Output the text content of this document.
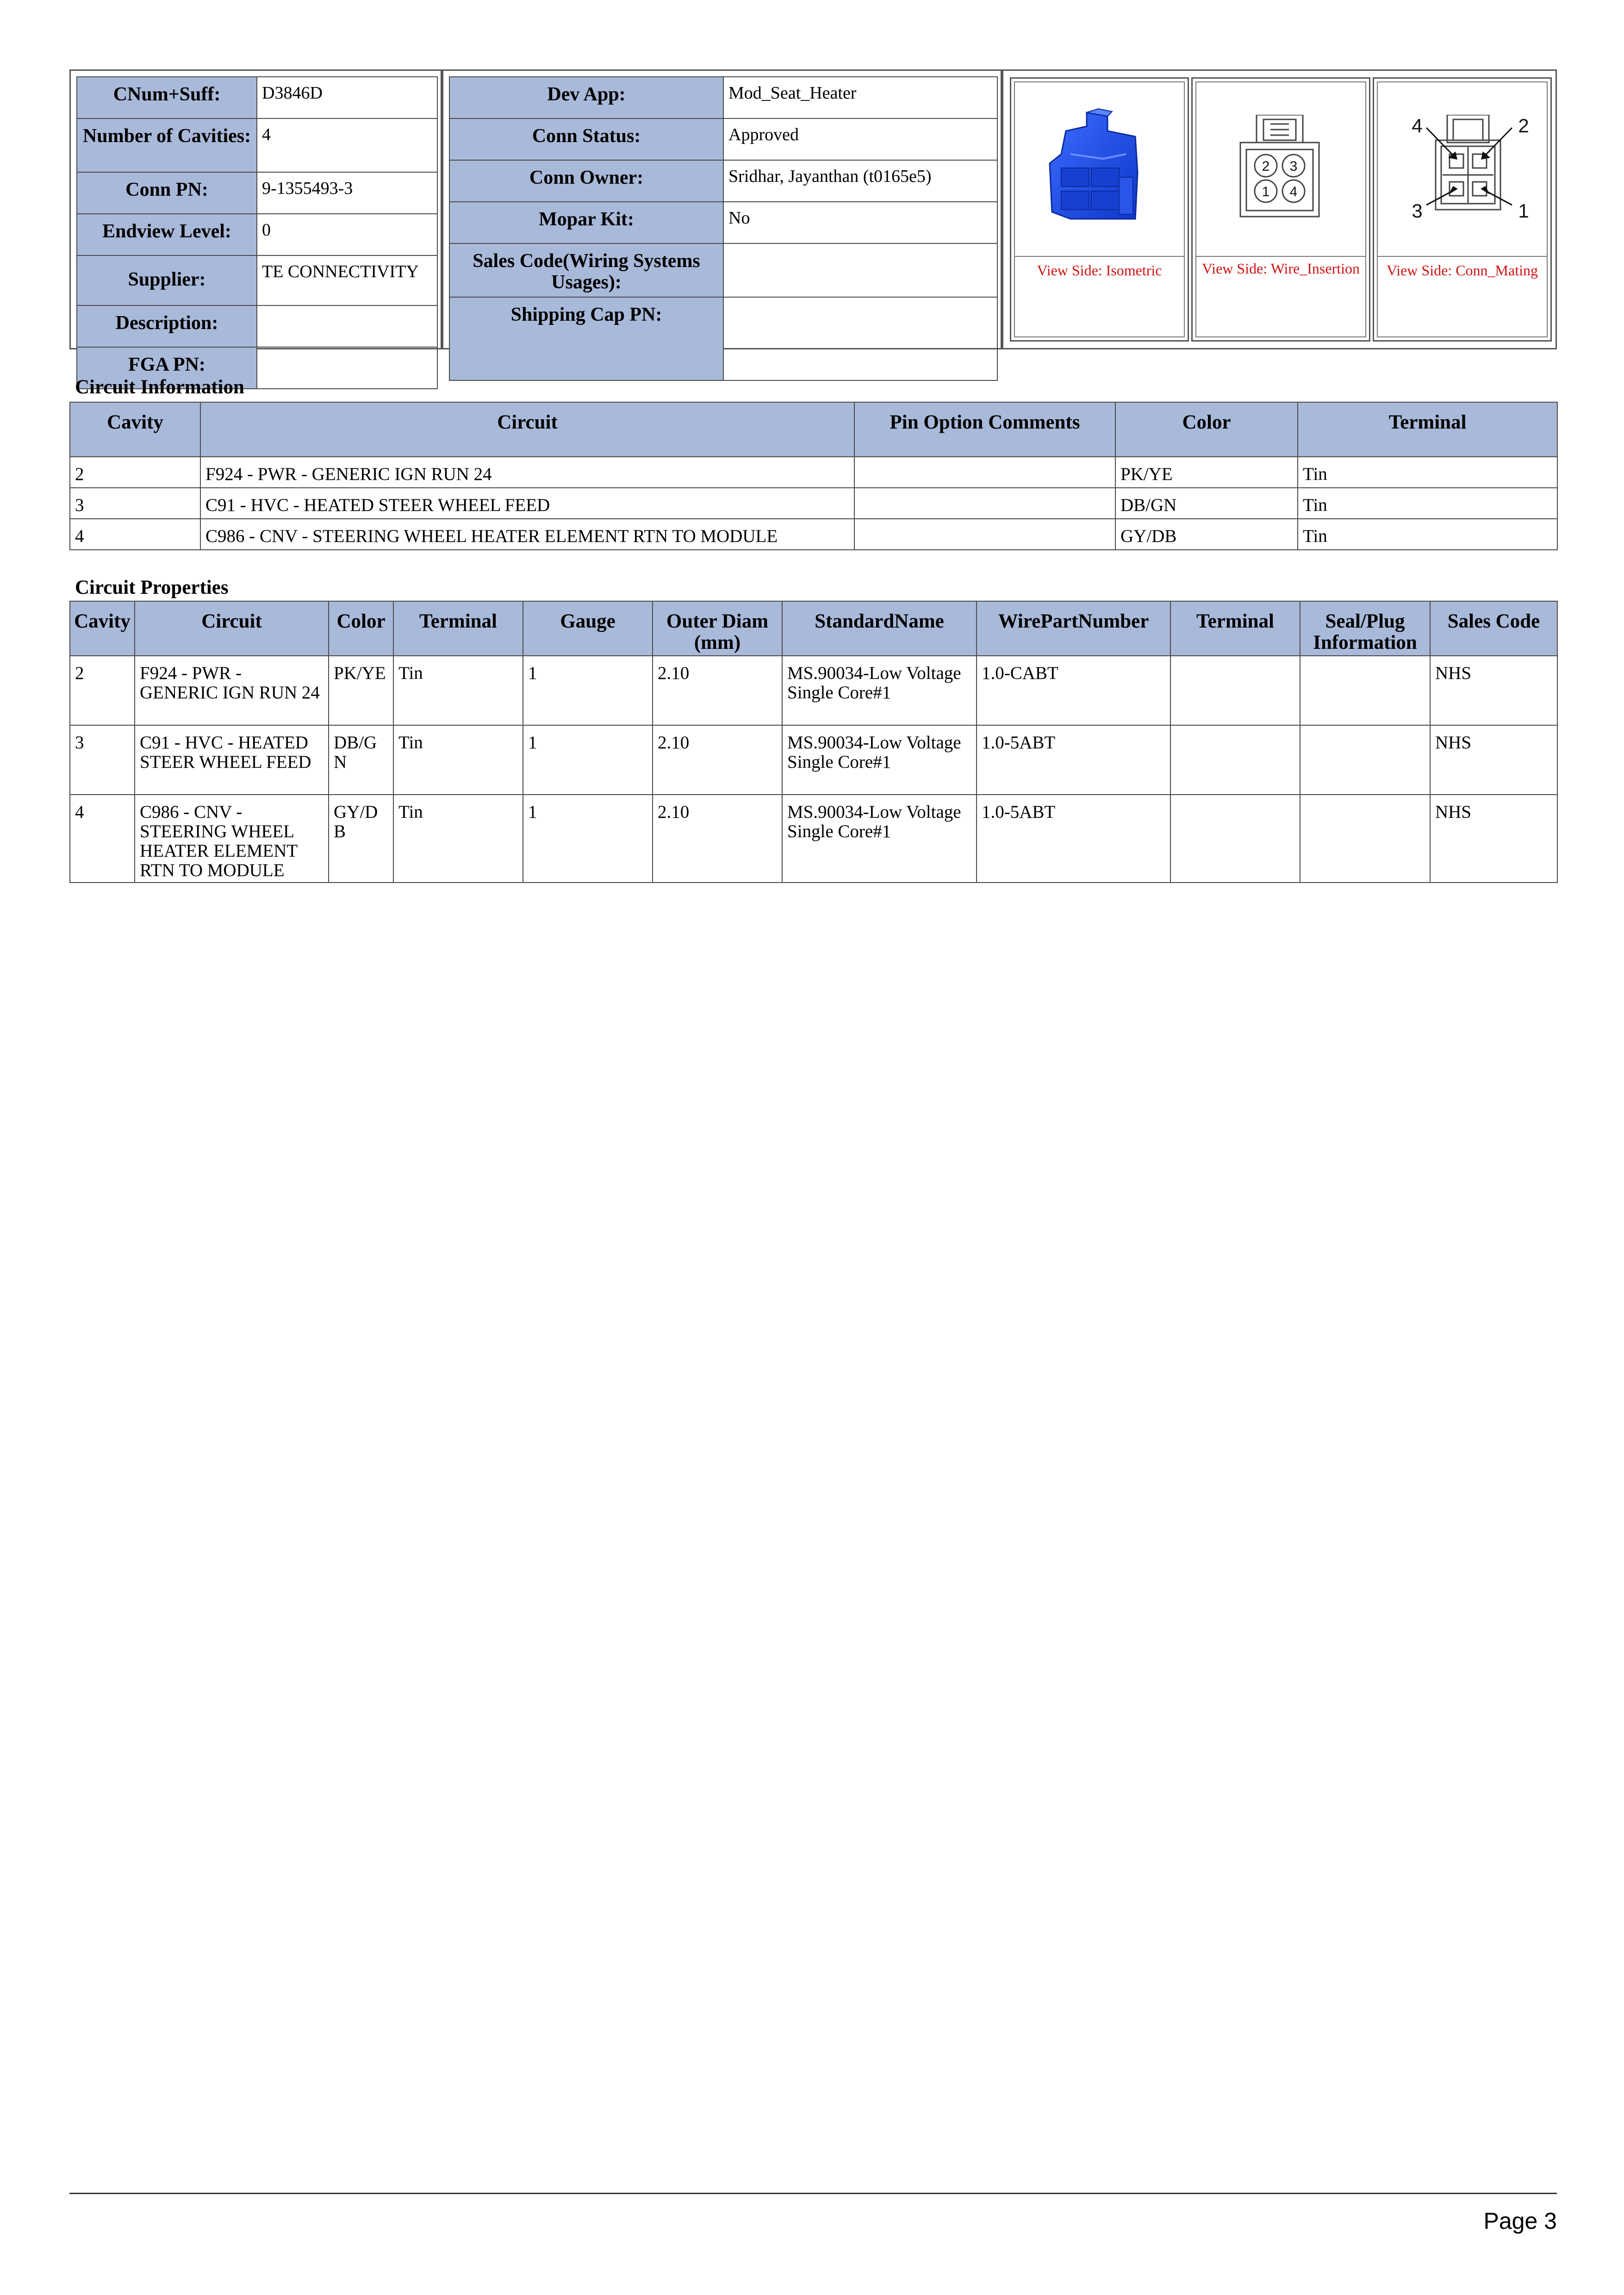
CNum+Suff:	D3846D
Number of Cavities:	4
Conn PN:	9-1355493-3
Endview Level:	0
Supplier:	TE CONNECTIVITY
Description:	
FGA PN:	
Dev App:	Mod_Seat_Heater
Conn Status:	Approved
Conn Owner:	Sridhar, Jayanthan (t0165e5)
Mopar Kit:	No
Sales Code(Wiring Systems Usages):	
Shipping Cap PN:	
View Side: Isometric
2 3
1 4
View Side: Wire_Insertion
4	2
3	1
View Side: Conn_Mating
Circuit Information
Cavity	Circuit	Pin Option Comments	Color	Terminal
2	F924 - PWR - GENERIC IGN RUN 24		PK/YE	Tin
3	C91 - HVC - HEATED STEER WHEEL FEED		DB/GN	Tin
4	C986 - CNV - STEERING WHEEL HEATER ELEMENT RTN TO MODULE		GY/DB	Tin
Circuit Properties
Cavity	Circuit	Color	Terminal	Gauge	Outer Diam (mm)	StandardName	WirePartNumber	Terminal	Seal/Plug Information	Sales Code
2	F924 - PWR - GENERIC IGN RUN 24	PK/YE	Tin	1	2.10	MS.90034-Low Voltage Single Core#1	1.0-CABT			NHS
3	C91 - HVC - HEATED STEER WHEEL FEED	DB/GN	Tin	1	2.10	MS.90034-Low Voltage Single Core#1	1.0-5ABT			NHS
4	C986 - CNV - STEERING WHEEL HEATER ELEMENT RTN TO MODULE	GY/DB	Tin	1	2.10	MS.90034-Low Voltage Single Core#1	1.0-5ABT			NHS
Page 3
